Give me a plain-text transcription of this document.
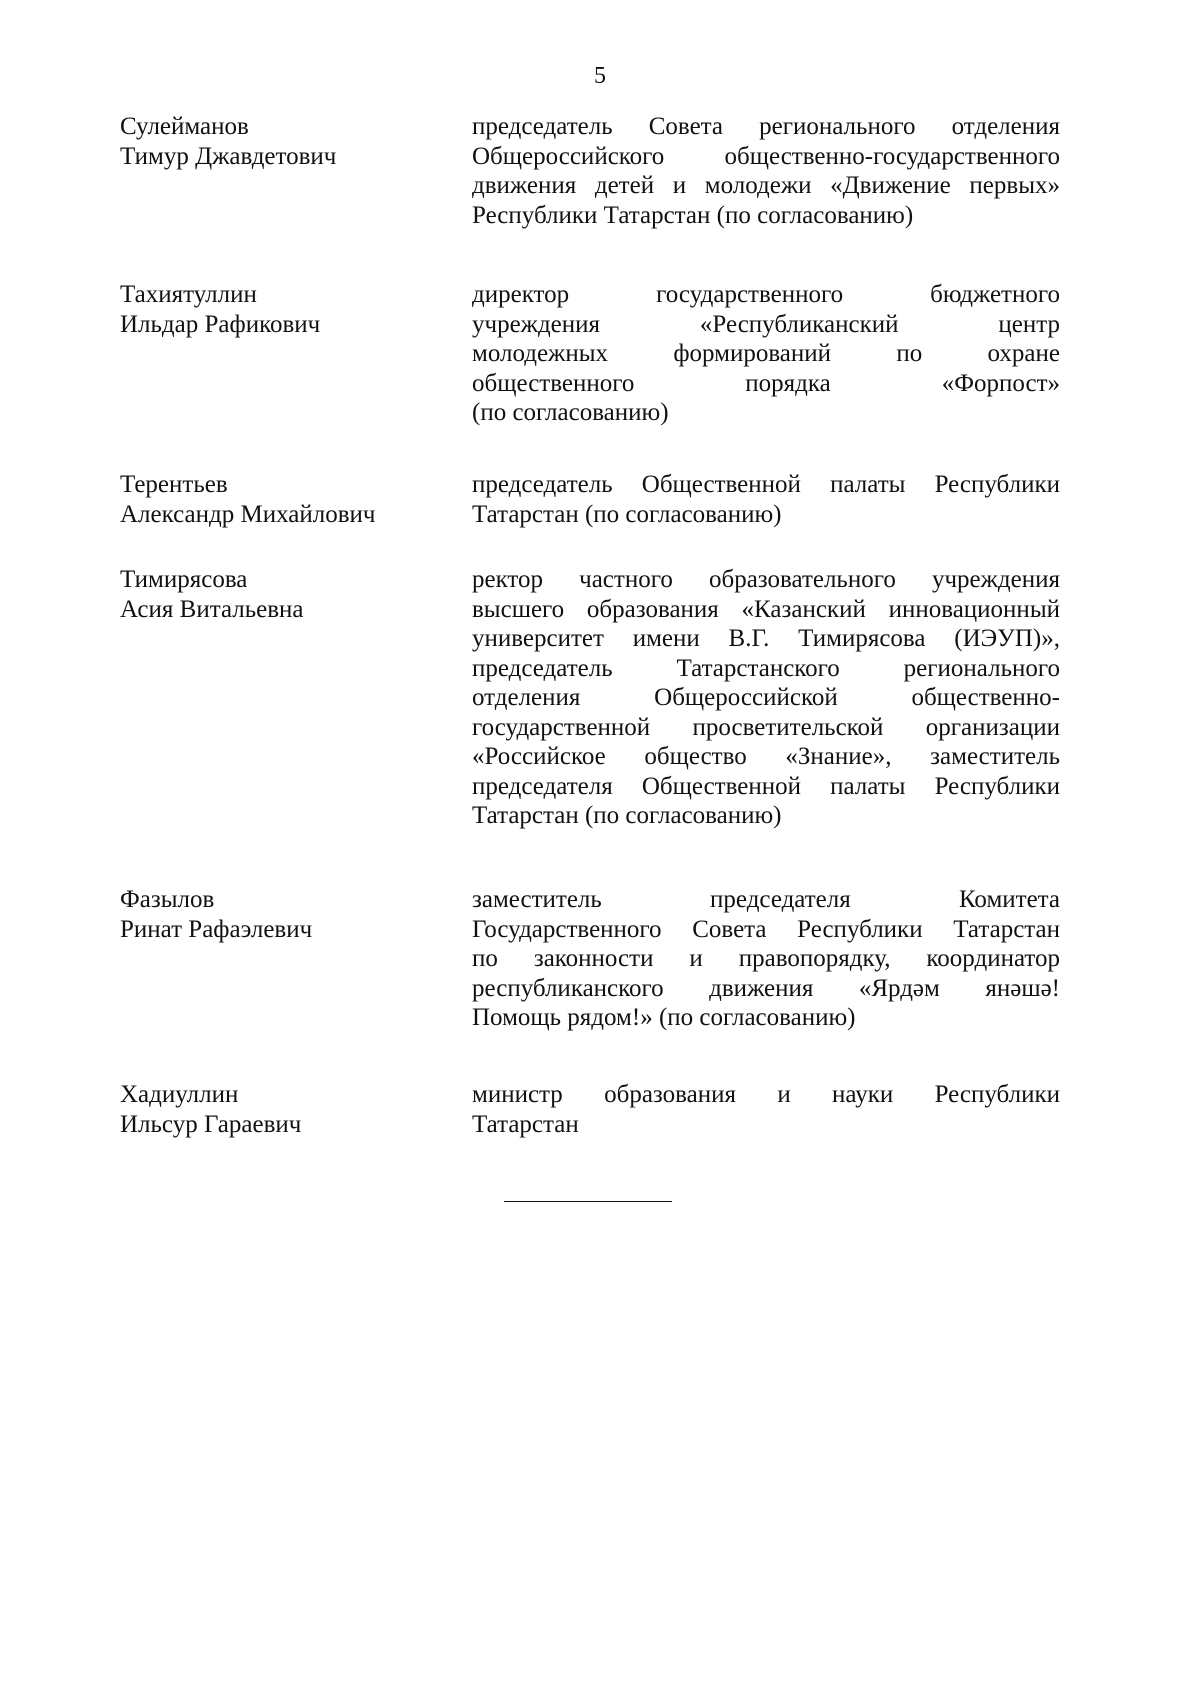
5
Сулейманов
Тимур Джавдетович
председатель Совета регионального отделения
Общероссийского общественно-государственного
движения детей и молодежи «Движение первых»
Республики Татарстан (по согласованию)
Тахиятуллин
Ильдар Рафикович
директор государственного бюджетного
учреждения «Республиканский центр
молодежных формирований по охране
общественного порядка «Форпост»
(по согласованию)
Терентьев
Александр Михайлович
председатель Общественной палаты Республики
Татарстан (по согласованию)
Тимирясова
Асия Витальевна
ректор частного образовательного учреждения
высшего образования «Казанский инновационный
университет имени В.Г. Тимирясова (ИЭУП)»,
председатель Татарстанского регионального
отделения Общероссийской общественно-
государственной просветительской организации
«Российское общество «Знание», заместитель
председателя Общественной палаты Республики
Татарстан (по согласованию)
Фазылов
Ринат Рафаэлевич
заместитель председателя Комитета
Государственного Совета Республики Татарстан
по законности и правопорядку, координатор
республиканского движения «Ярдəм янəшə!
Помощь рядом!» (по согласованию)
Хадиуллин
Ильсур Гараевич
министр образования и науки Республики
Татарстан
